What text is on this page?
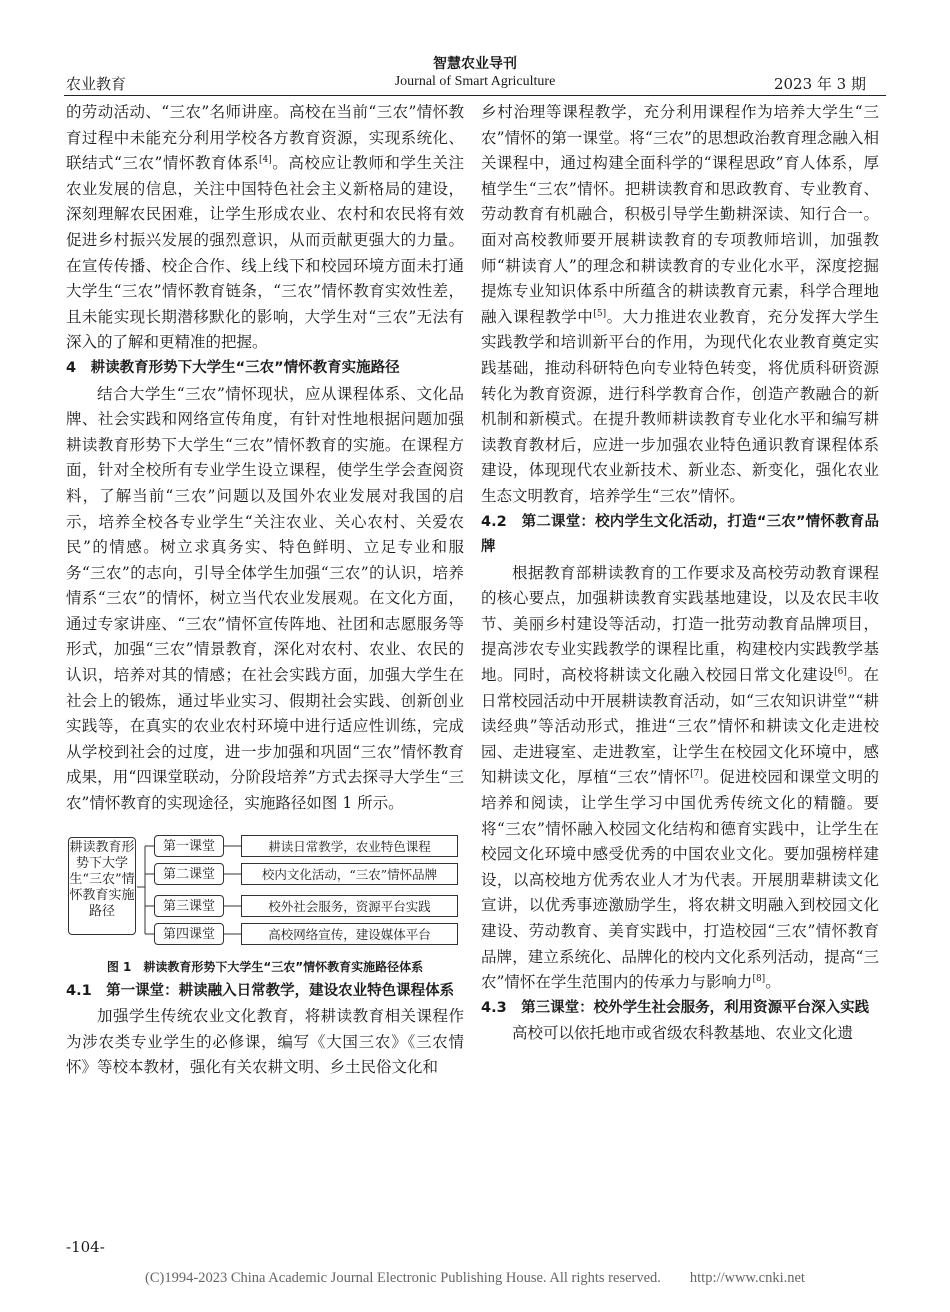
智慧农业导刊
Journal of Smart Agriculture
农业教育	2023 年 3 期

的劳动活动、“三农”名师讲座。高校在当前“三农”情怀教育过程中未能充分利用学校各方教育资源，实现系统化、联结式“三农”情怀教育体系[4]。高校应让教师和学生关注农业发展的信息，关注中国特色社会主义新格局的建设，深刻理解农民困难，让学生形成农业、农村和农民将有效促进乡村振兴发展的强烈意识，从而贡献更强大的力量。在宣传传播、校企合作、线上线下和校园环境方面未打通大学生“三农”情怀教育链条，“三农”情怀教育实效性差，且未能实现长期潜移默化的影响，大学生对“三农”无法有深入的了解和更精准的把握。

4　耕读教育形势下大学生“三农”情怀教育实施路径

结合大学生“三农”情怀现状，应从课程体系、文化品牌、社会实践和网络宣传角度，有针对性地根据问题加强耕读教育形势下大学生“三农”情怀教育的实施。在课程方面，针对全校所有专业学生设立课程，使学生学会查阅资料，了解当前“三农”问题以及国外农业发展对我国的启示，培养全校各专业学生“关注农业、关心农村、关爱农民”的情感。树立求真务实、特色鲜明、立足专业和服务“三农”的志向，引导全体学生加强“三农”的认识，培养情系“三农”的情怀，树立当代农业发展观。在文化方面，通过专家讲座、“三农”情怀宣传阵地、社团和志愿服务等形式，加强“三农”情景教育，深化对农村、农业、农民的认识，培养对其的情感；在社会实践方面，加强大学生在社会上的锻炼，通过毕业实习、假期社会实践、创新创业实践等，在真实的农业农村环境中进行适应性训练，完成从学校到社会的过度，进一步加强和巩固“三农”情怀教育成果，用“四课堂联动，分阶段培养”方式去探寻大学生“三农”情怀教育的实现途径，实施路径如图 1 所示。

耕读教育形势下大学生“三农”情怀教育实施路径
第一课堂
第二课堂
第三课堂
第四课堂
耕读日常教学，农业特色课程
校内文化活动，“三农”情怀品牌
校外社会服务，资源平台实践
高校网络宣传，建设媒体平台
图 1　耕读教育形势下大学生“三农”情怀教育实施路径体系
4.1　第一课堂：耕读融入日常教学，建设农业特色课程体系

加强学生传统农业文化教育，将耕读教育相关课程作为涉农类专业学生的必修课，编写《大国三农》《三农情怀》等校本教材，强化有关农耕文明、乡土民俗文化和

乡村治理等课程教学，充分利用课程作为培养大学生“三农”情怀的第一课堂。将“三农”的思想政治教育理念融入相关课程中，通过构建全面科学的“课程思政”育人体系，厚植学生“三农”情怀。把耕读教育和思政教育、专业教育、劳动教育有机融合，积极引导学生勤耕深读、知行合一。面对高校教师要开展耕读教育的专项教师培训，加强教师“耕读育人”的理念和耕读教育的专业化水平，深度挖掘提炼专业知识体系中所蕴含的耕读教育元素，科学合理地融入课程教学中[5]。大力推进农业教育，充分发挥大学生实践教学和培训新平台的作用，为现代化农业教育奠定实践基础，推动科研特色向专业特色转变，将优质科研资源转化为教育资源，进行科学教育合作，创造产教融合的新机制和新模式。在提升教师耕读教育专业化水平和编写耕读教育教材后，应进一步加强农业特色通识教育课程体系建设，体现现代农业新技术、新业态、新变化，强化农业生态文明教育，培养学生“三农”情怀。

4.2　第二课堂：校内学生文化活动，打造“三农”情怀教育品牌

根据教育部耕读教育的工作要求及高校劳动教育课程的核心要点，加强耕读教育实践基地建设，以及农民丰收节、美丽乡村建设等活动，打造一批劳动教育品牌项目，提高涉农专业实践教学的课程比重，构建校内实践教学基地。同时，高校将耕读文化融入校园日常文化建设[6]。在日常校园活动中开展耕读教育活动，如“三农知识讲堂”“耕读经典”等活动形式，推进“三农”情怀和耕读文化走进校园、走进寝室、走进教室，让学生在校园文化环境中，感知耕读文化，厚植“三农”情怀[7]。促进校园和课堂文明的培养和阅读，让学生学习中国优秀传统文化的精髓。要将“三农”情怀融入校园文化结构和德育实践中，让学生在校园文化环境中感受优秀的中国农业文化。要加强榜样建设，以高校地方优秀农业人才为代表。开展朋辈耕读文化宣讲，以优秀事迹激励学生，将农耕文明融入到校园文化建设、劳动教育、美育实践中，打造校园“三农”情怀教育品牌，建立系统化、品牌化的校内文化系列活动，提高“三农”情怀在学生范围内的传承力与影响力[8]。

4.3　第三课堂：校外学生社会服务，利用资源平台深入实践

高校可以依托地市或省级农科教基地、农业文化遗

-104-
(C)1994-2023 China Academic Journal Electronic Publishing House. All rights reserved.　　http://www.cnki.net
